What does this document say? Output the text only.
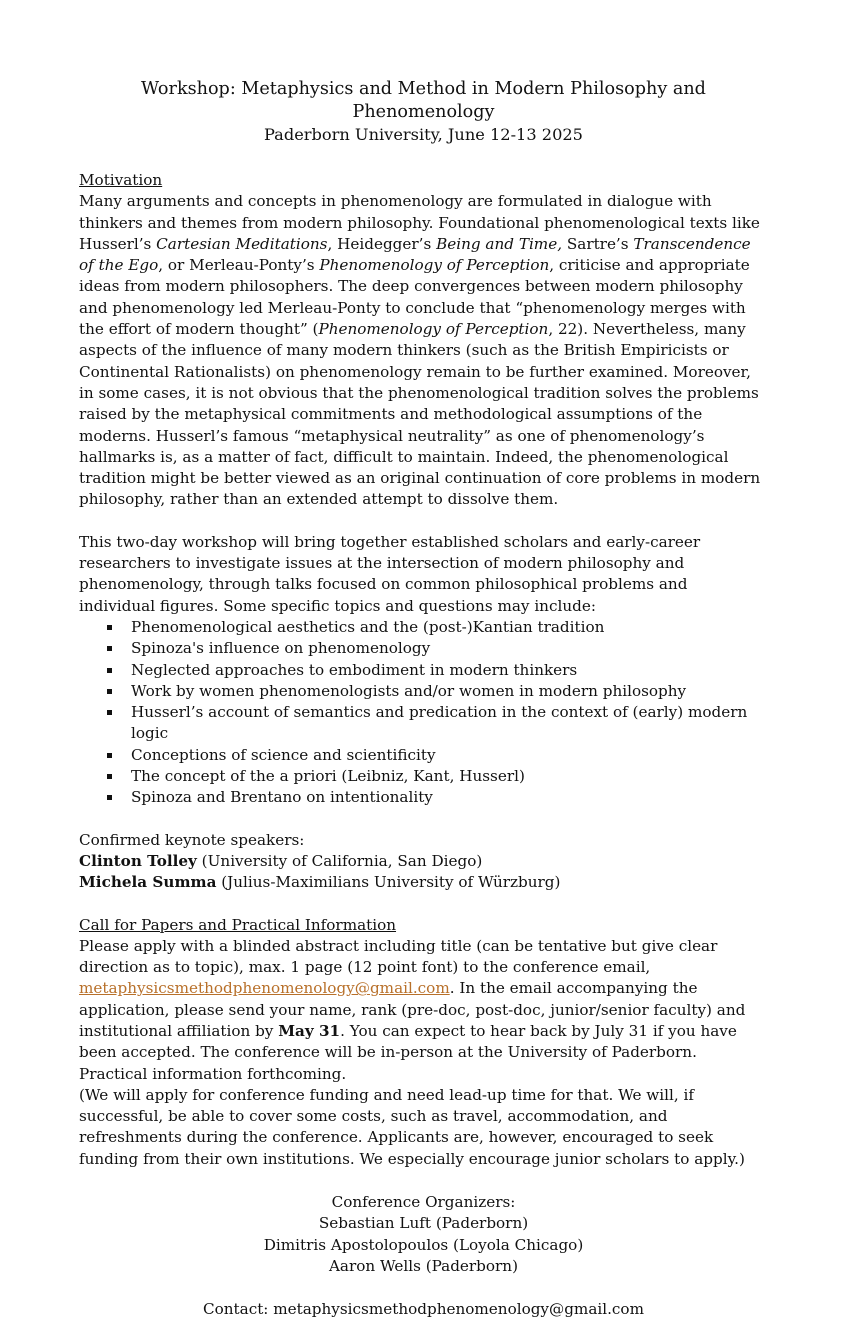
Workshop: Metaphysics and Method in Modern Philosophy and Phenomenology
Paderborn University, June 12-13 2025
Motivation

Many arguments and concepts in phenomenology are formulated in dialogue with thinkers and themes from modern philosophy. Foundational phenomenological texts like Husserl’s Cartesian Meditations, Heidegger’s Being and Time, Sartre’s Transcendence of the Ego, or Merleau-Ponty’s Phenomenology of Perception, criticise and appropriate ideas from modern philosophers. The deep convergences between modern philosophy and phenomenology led Merleau-Ponty to conclude that “phenomenology merges with the effort of modern thought” (Phenomenology of Perception, 22). Nevertheless, many aspects of the influence of many modern thinkers (such as the British Empiricists or Continental Rationalists) on phenomenology remain to be further examined. Moreover, in some cases, it is not obvious that the phenomenological tradition solves the problems raised by the metaphysical commitments and methodological assumptions of the moderns. Husserl’s famous “metaphysical neutrality” as one of phenomenology’s hallmarks is, as a matter of fact, difficult to maintain. Indeed, the phenomenological tradition might be better viewed as an original continuation of core problems in modern philosophy, rather than an extended attempt to dissolve them.

This two-day workshop will bring together established scholars and early-career researchers to investigate issues at the intersection of modern philosophy and phenomenology, through talks focused on common philosophical problems and individual figures. Some specific topics and questions may include:

Phenomenological aesthetics and the (post-)Kantian tradition
Spinoza's influence on phenomenology
Neglected approaches to embodiment in modern thinkers
Work by women phenomenologists and/or women in modern philosophy
Husserl’s account of semantics and predication in the context of (early) modern logic
Conceptions of science and scientificity
The concept of the a priori (Leibniz, Kant, Husserl)
Spinoza and Brentano on intentionality
Confirmed keynote speakers:
Clinton Tolley (University of California, San Diego)
Michela Summa (Julius-Maximilians University of Würzburg)
Call for Papers and Practical Information

Please apply with a blinded abstract including title (can be tentative but give clear direction as to topic), max. 1 page (12 point font) to the conference email, metaphysicsmethodphenomenology@gmail.com. In the email accompanying the application, please send your name, rank (pre-doc, post-doc, junior/senior faculty) and institutional affiliation by May 31. You can expect to hear back by July 31 if you have been accepted. The conference will be in-person at the University of Paderborn. Practical information forthcoming.

(We will apply for conference funding and need lead-up time for that. We will, if successful, be able to cover some costs, such as travel, accommodation, and refreshments during the conference. Applicants are, however, encouraged to seek funding from their own institutions. We especially encourage junior scholars to apply.)

Conference Organizers:
Sebastian Luft (Paderborn)
Dimitris Apostolopoulos (Loyola Chicago)
Aaron Wells (Paderborn)
Contact: metaphysicsmethodphenomenology@gmail.com
